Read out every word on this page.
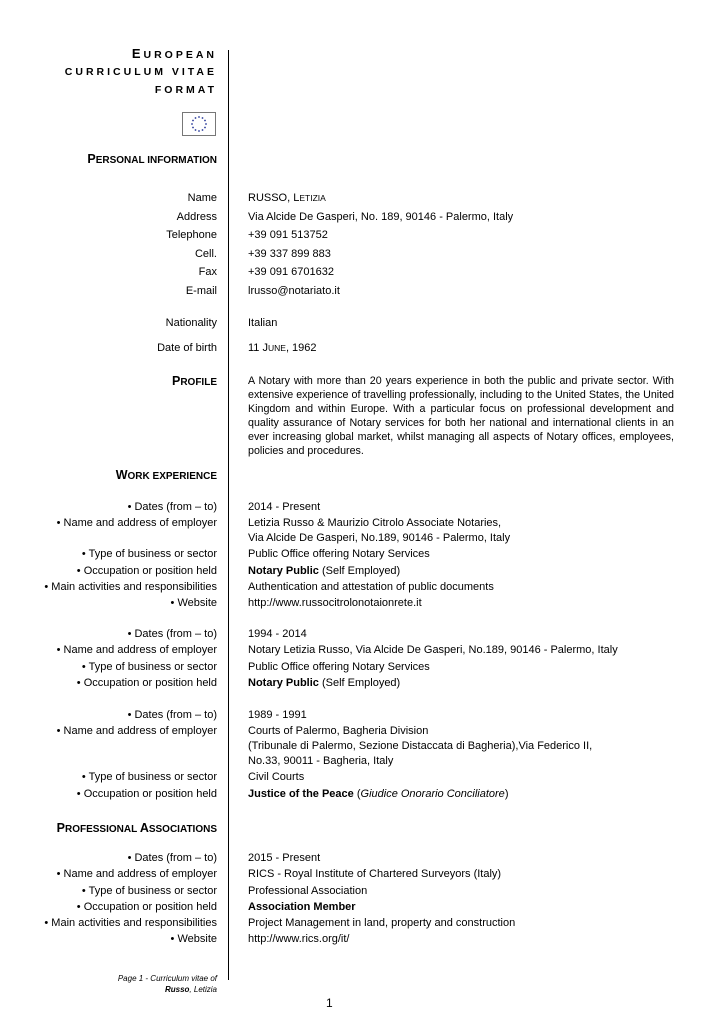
EUROPEAN
CURRICULUM VITAE
FORMAT
PERSONAL INFORMATION
Name	RUSSO, LETIZIA
Address	Via Alcide De Gasperi, No. 189, 90146 - Palermo, Italy
Telephone	+39 091 513752
Cell.	+39 337 899 883
Fax	+39 091 6701632
E-mail	lrusso@notariato.it
Nationality	Italian
Date of birth	11 JUNE, 1962
PROFILE	A Notary with more than 20 years experience in both the public and private sector. With extensive experience of travelling professionally, including to the United States, the United Kingdom and within Europe. With a particular focus on professional development and quality assurance of Notary services for both her national and international clients in an ever increasing global market, whilst managing all aspects of Notary offices, employees, policies and procedures.
WORK EXPERIENCE
• Dates (from – to)	2014 - Present
• Name and address of employer	Letizia Russo & Maurizio Citrolo Associate Notaries,
Via Alcide De Gasperi, No.189, 90146 - Palermo, Italy
• Type of business or sector	Public Office offering Notary Services
• Occupation or position held	Notary Public (Self Employed)
• Main activities and responsibilities	Authentication and attestation of public documents
• Website	http://www.russocitrolonotaionrete.it
• Dates (from – to)	1994 - 2014
• Name and address of employer	Notary Letizia Russo, Via Alcide De Gasperi, No.189, 90146 - Palermo, Italy
• Type of business or sector	Public Office offering Notary Services
• Occupation or position held	Notary Public (Self Employed)
• Dates (from – to)	1989 - 1991
• Name and address of employer	Courts of Palermo, Bagheria Division
(Tribunale di Palermo, Sezione Distaccata di Bagheria),Via Federico II,
No.33, 90011 - Bagheria, Italy
• Type of business or sector	Civil Courts
• Occupation or position held	Justice of the Peace (Giudice Onorario Conciliatore)
PROFESSIONAL ASSOCIATIONS
• Dates (from – to)	2015 - Present
• Name and address of employer	RICS - Royal Institute of Chartered Surveyors (Italy)
• Type of business or sector	Professional Association
• Occupation or position held	Association Member
• Main activities and responsibilities	Project Management in land, property and construction
• Website	http://www.rics.org/it/
Page 1 - Curriculum vitae of
Russo, Letizia
1
